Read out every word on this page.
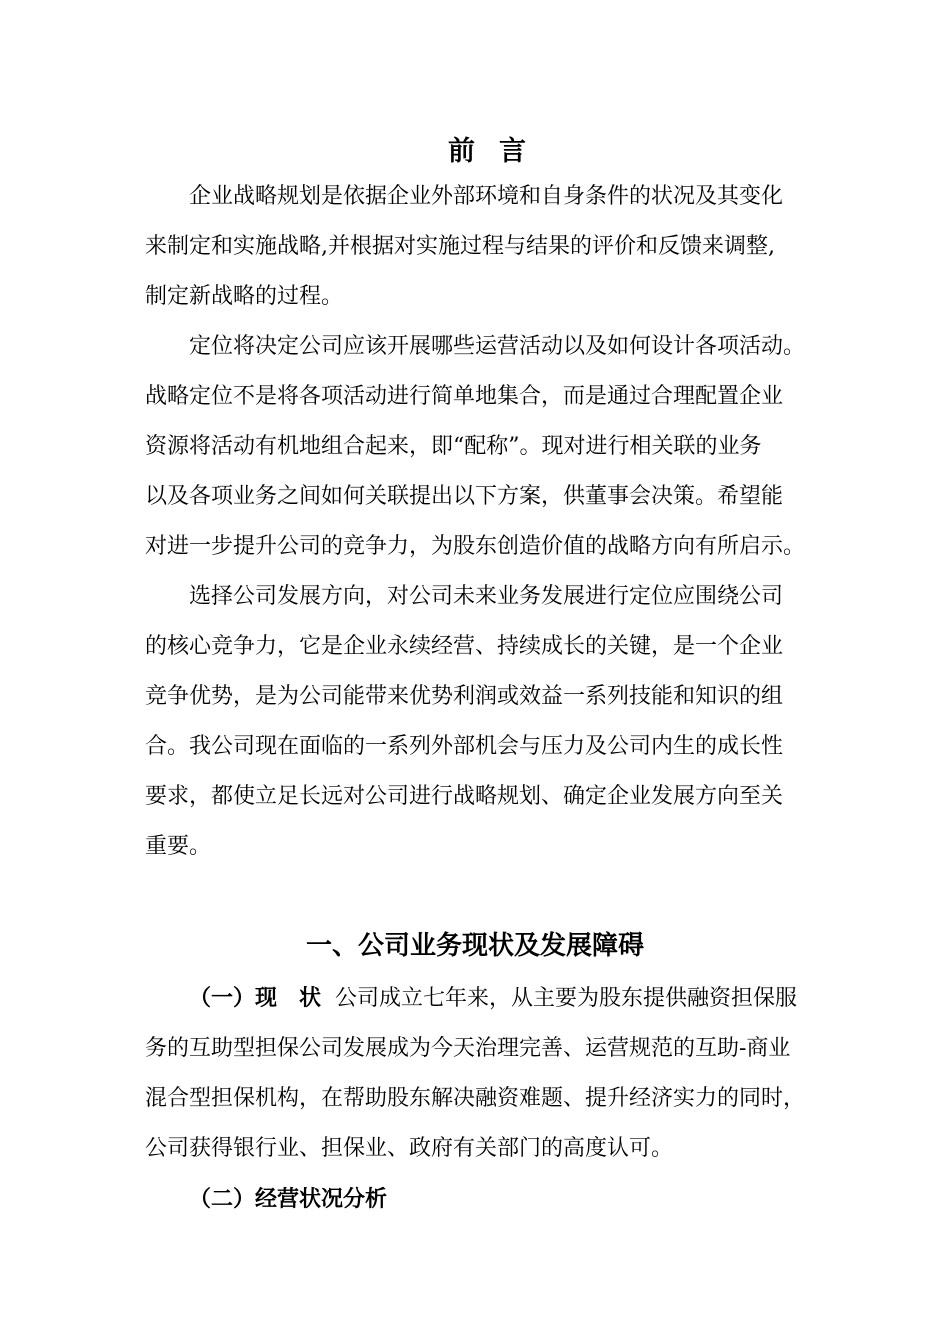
前言
企业战略规划是依据企业外部环境和自身条件的状况及其变化
来制定和实施战略,并根据对实施过程与结果的评价和反馈来调整,
制定新战略的过程。
定位将决定公司应该开展哪些运营活动以及如何设计各项活动。
战略定位不是将各项活动进行简单地集合，而是通过合理配置企业
资源将活动有机地组合起来，即“配称”。现对进行相关联的业务
以及各项业务之间如何关联提出以下方案，供董事会决策。希望能
对进一步提升公司的竞争力，为股东创造价值的战略方向有所启示。
选择公司发展方向，对公司未来业务发展进行定位应围绕公司
的核心竞争力，它是企业永续经营、持续成长的关键，是一个企业
竞争优势，是为公司能带来优势利润或效益一系列技能和知识的组
合。我公司现在面临的一系列外部机会与压力及公司内生的成长性
要求，都使立足长远对公司进行战略规划、确定企业发展方向至关
重要。
一、公司业务现状及发展障碍
（一）现　状 公司成立七年来，从主要为股东提供融资担保服
务的互助型担保公司发展成为今天治理完善、运营规范的互助-商业
混合型担保机构，在帮助股东解决融资难题、提升经济实力的同时，
公司获得银行业、担保业、政府有关部门的高度认可。
（二）经营状况分析
